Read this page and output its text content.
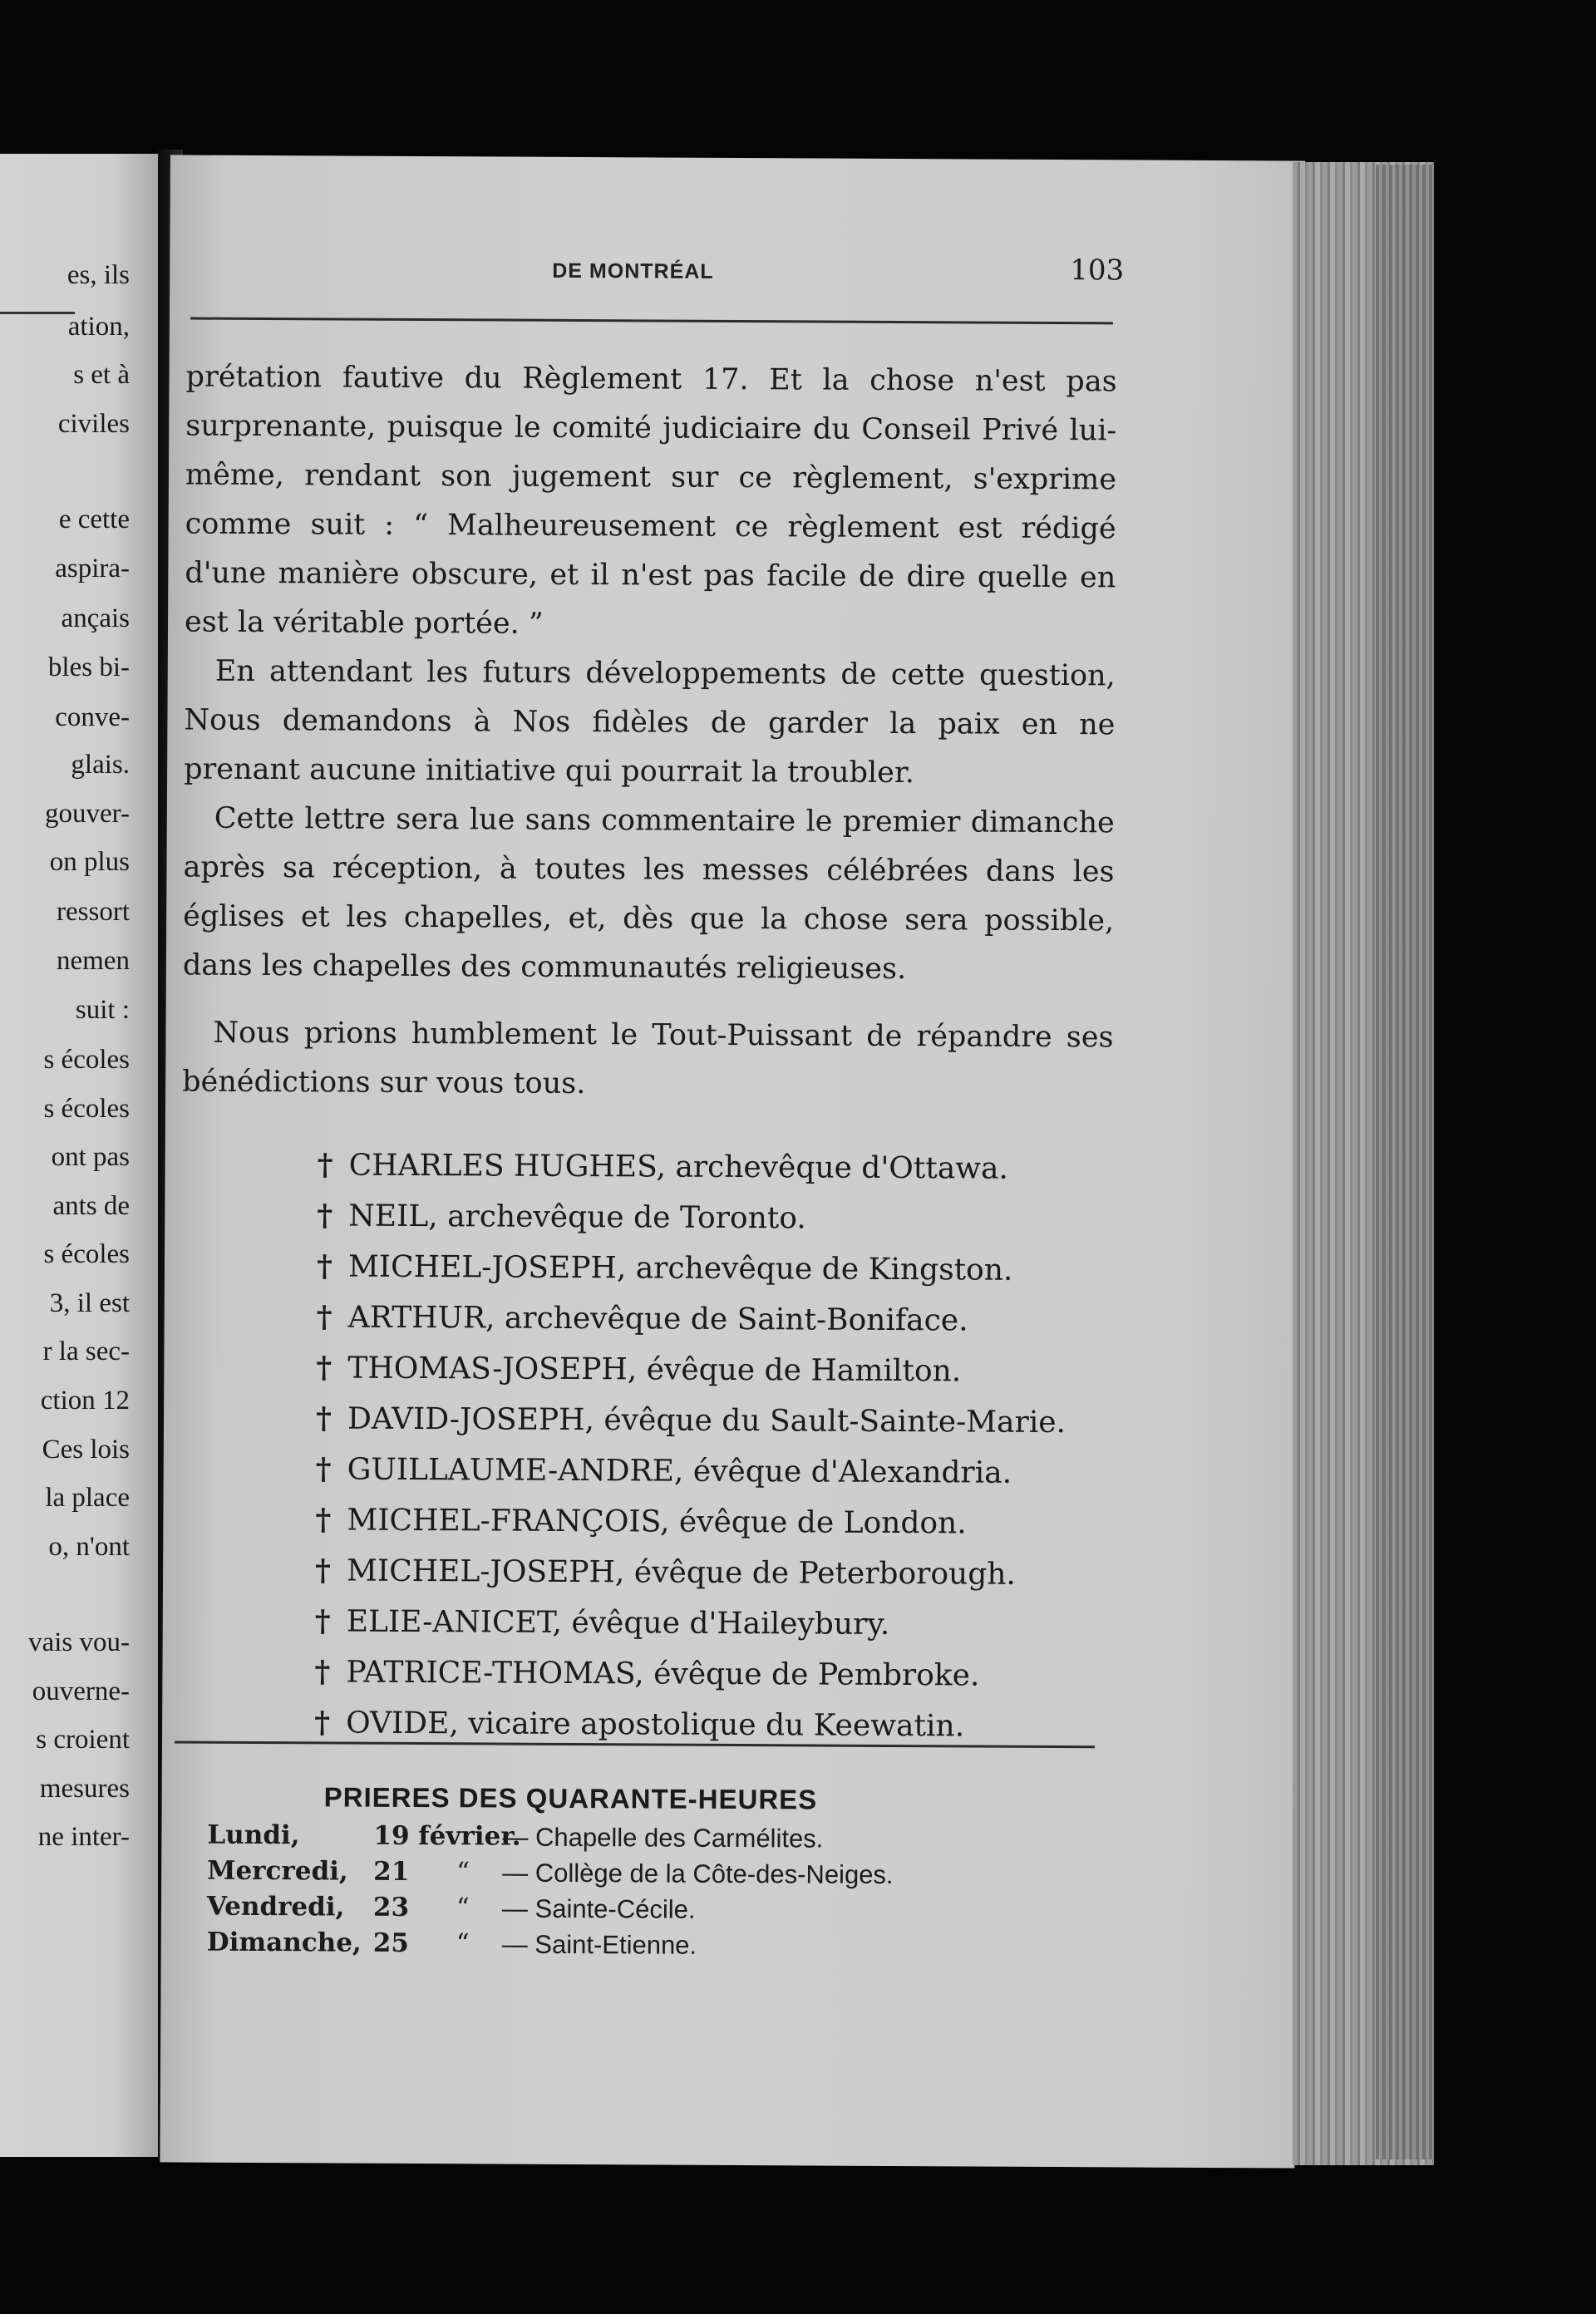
es, ils
ation,
s et à
civiles
e cette
aspira-
ançais
bles bi-
conve-
glais.
gouver-
on plus
ressort
nemen
suit :
s écoles
s écoles
ont pas
ants de
s écoles
3, il est
r la sec-
ction 12
Ces lois
la place
o, n'ont
vais vou-
ouverne-
s croient
mesures
ne inter-
DE MONTRÉAL	103

prétation fautive du Règlement 17. Et la chose n'est pas surprenante, puisque le comité judiciaire du Conseil Privé lui-même, rendant son jugement sur ce règlement, s'exprime comme suit : “ Malheureusement ce règlement est rédigé d'une manière obscure, et il n'est pas facile de dire quelle en est la véritable portée. ”

En attendant les futurs développements de cette question, Nous demandons à Nos fidèles de garder la paix en ne prenant aucune initiative qui pourrait la troubler.

Cette lettre sera lue sans commentaire le premier dimanche après sa réception, à toutes les messes célébrées dans les églises et les chapelles, et, dès que la chose sera possible, dans les chapelles des communautés religieuses.

Nous prions humblement le Tout-Puissant de répandre ses bénédictions sur vous tous.

† CHARLES HUGHES, archevêque d'Ottawa.
† NEIL, archevêque de Toronto.
† MICHEL-JOSEPH, archevêque de Kingston.
† ARTHUR, archevêque de Saint-Boniface.
† THOMAS-JOSEPH, évêque de Hamilton.
† DAVID-JOSEPH, évêque du Sault-Sainte-Marie.
† GUILLAUME-ANDRE, évêque d'Alexandria.
† MICHEL-FRANÇOIS, évêque de London.
† MICHEL-JOSEPH, évêque de Peterborough.
† ELIE-ANICET, évêque d'Haileybury.
† PATRICE-THOMAS, évêque de Pembroke.
† OVIDE, vicaire apostolique du Keewatin.
PRIERES DES QUARANTE-HEURES
Lundi,	19 février.
— Chapelle des Carmélites.
Mercredi, 21 “ — Collège de la Côte-des-Neiges.
Vendredi, 23 “ — Sainte-Cécile.
Dimanche, 25 “ — Saint-Etienne.
